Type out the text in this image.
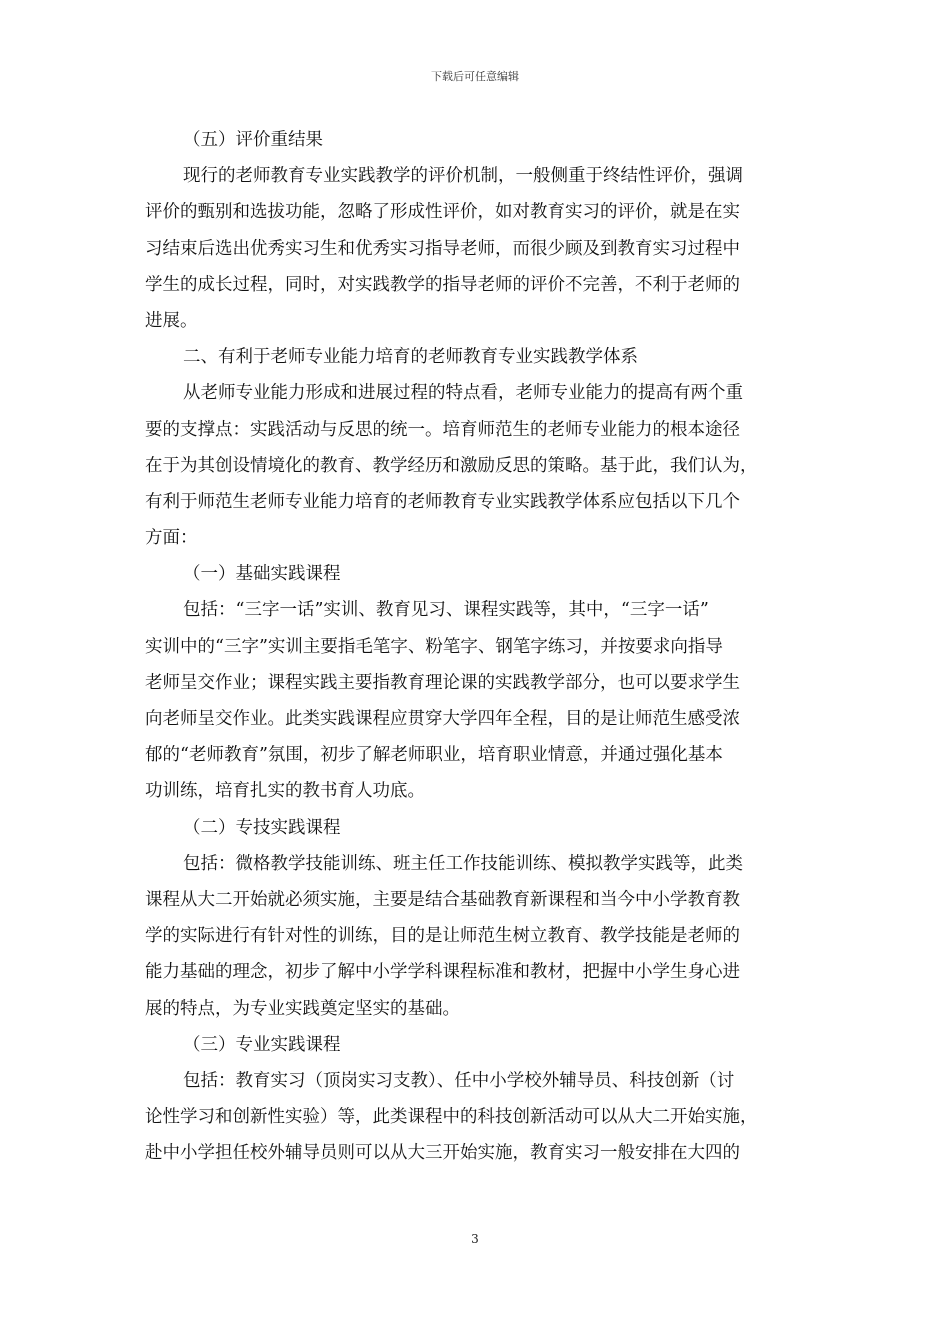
下载后可任意编辑
（五）评价重结果
现行的老师教育专业实践教学的评价机制，一般侧重于终结性评价，强调
评价的甄别和选拔功能，忽略了形成性评价，如对教育实习的评价，就是在实
习结束后选出优秀实习生和优秀实习指导老师，而很少顾及到教育实习过程中
学生的成长过程，同时，对实践教学的指导老师的评价不完善，不利于老师的
进展。
二、有利于老师专业能力培育的老师教育专业实践教学体系
从老师专业能力形成和进展过程的特点看，老师专业能力的提高有两个重
要的支撑点：实践活动与反思的统一。培育师范生的老师专业能力的根本途径
在于为其创设情境化的教育、教学经历和激励反思的策略。基于此，我们认为，
有利于师范生老师专业能力培育的老师教育专业实践教学体系应包括以下几个
方面：
（一）基础实践课程
包括：“三字一话”实训、教育见习、课程实践等，其中，“三字一话”
实训中的“三字”实训主要指毛笔字、粉笔字、钢笔字练习，并按要求向指导
老师呈交作业；课程实践主要指教育理论课的实践教学部分，也可以要求学生
向老师呈交作业。此类实践课程应贯穿大学四年全程，目的是让师范生感受浓
郁的“老师教育”氛围，初步了解老师职业，培育职业情意，并通过强化基本
功训练，培育扎实的教书育人功底。
（二）专技实践课程
包括：微格教学技能训练、班主任工作技能训练、模拟教学实践等，此类
课程从大二开始就必须实施，主要是结合基础教育新课程和当今中小学教育教
学的实际进行有针对性的训练，目的是让师范生树立教育、教学技能是老师的
能力基础的理念，初步了解中小学学科课程标准和教材，把握中小学生身心进
展的特点，为专业实践奠定坚实的基础。
（三）专业实践课程
包括：教育实习（顶岗实习支教）、任中小学校外辅导员、科技创新（讨
论性学习和创新性实验）等，此类课程中的科技创新活动可以从大二开始实施，
赴中小学担任校外辅导员则可以从大三开始实施，教育实习一般安排在大四的
3
